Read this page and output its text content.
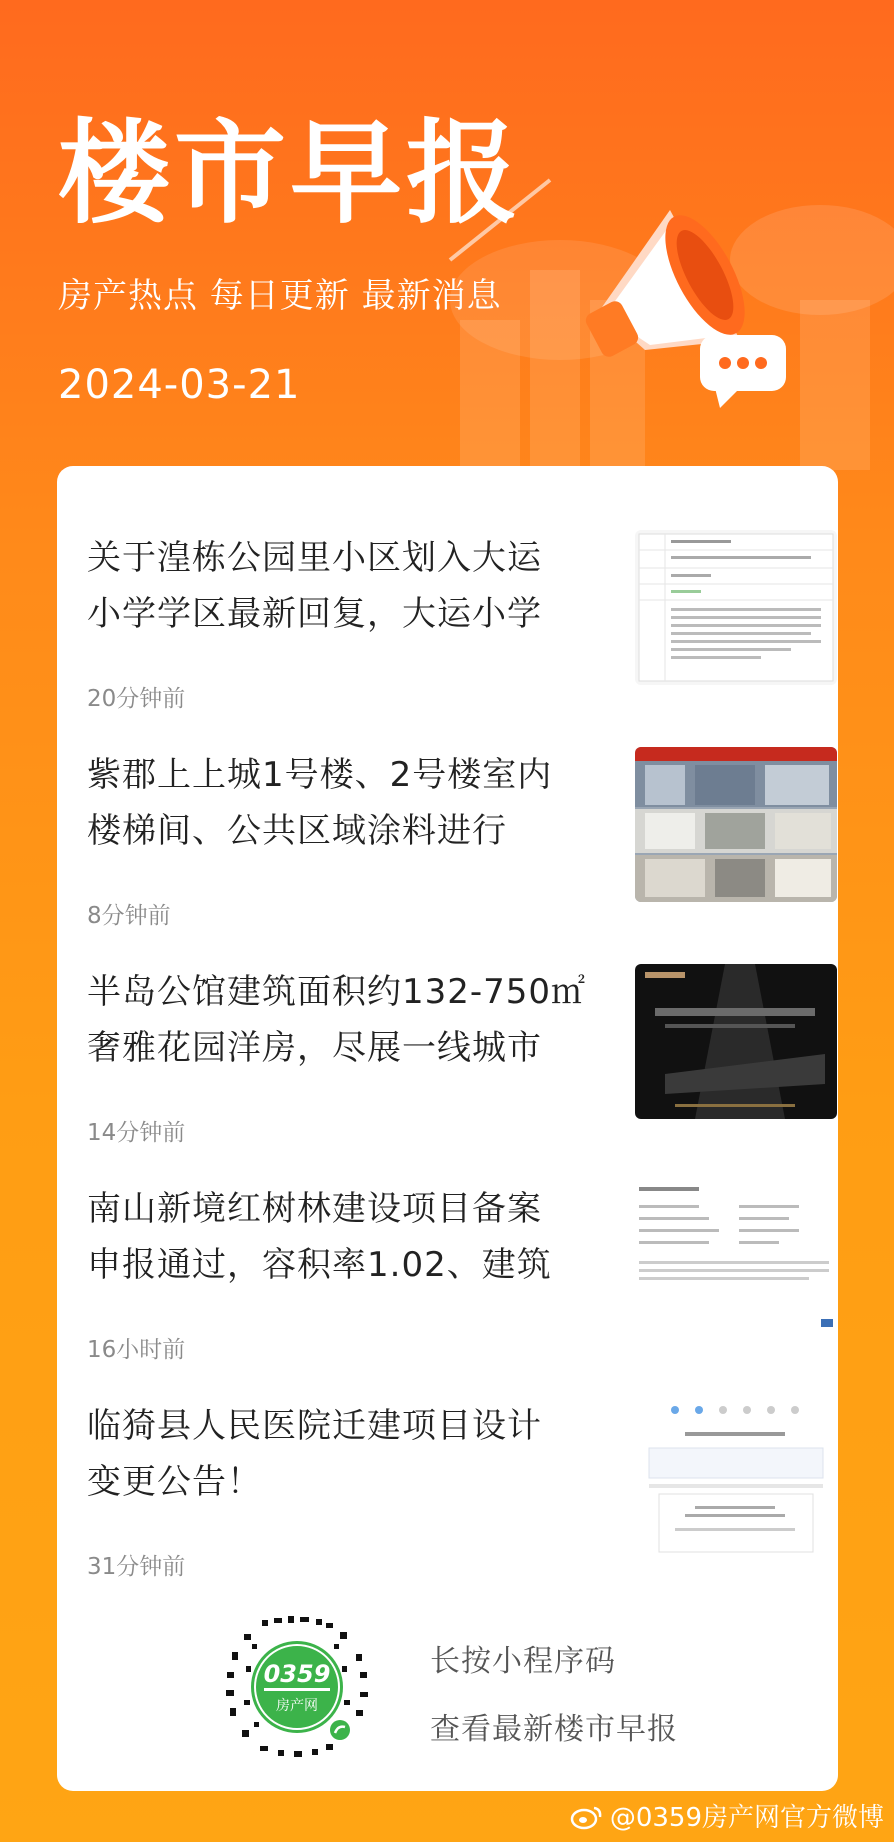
楼市早报
房产热点 每日更新 最新消息
2024-03-21
关于湟栋公园里小区划入大运
小学学区最新回复，大运小学
20分钟前
紫郡上上城1号楼、2号楼室内
楼梯间、公共区域涂料进行
8分钟前
半岛公馆建筑面积约132-750㎡
奢雅花园洋房，尽展一线城市
14分钟前
南山新境红树林建设项目备案
申报通过，容积率1.02、建筑
16小时前
临猗县人民医院迁建项目设计
变更公告！
31分钟前
0359
房产网
长按小程序码
查看最新楼市早报
@0359房产网官方微博
